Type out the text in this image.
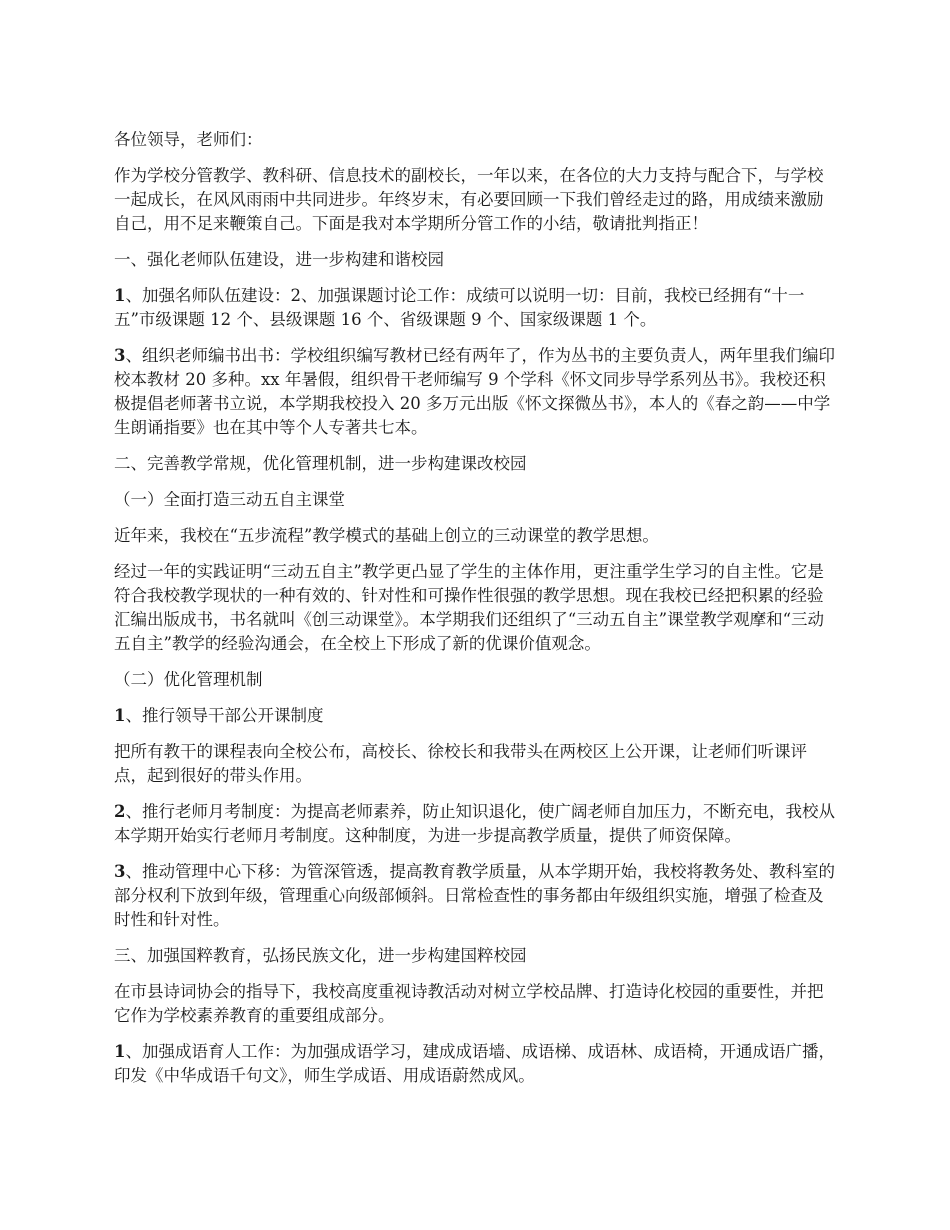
各位领导，老师们：

作为学校分管教学、教科研、信息技术的副校长，一年以来，在各位的大力支持与配合下，与学校一起成长，在风风雨雨中共同进步。年终岁末，有必要回顾一下我们曾经走过的路，用成绩来激励自己，用不足来鞭策自己。下面是我对本学期所分管工作的小结，敬请批判指正！

一、强化老师队伍建设，进一步构建和谐校园

1、加强名师队伍建设：2、加强课题讨论工作：成绩可以说明一切：目前，我校已经拥有“十一五”市级课题 12 个、县级课题 16 个、省级课题 9 个、国家级课题 1 个。

3、组织老师编书出书：学校组织编写教材已经有两年了，作为丛书的主要负责人，两年里我们编印校本教材 20 多种。xx 年暑假，组织骨干老师编写 9 个学科《怀文同步导学系列丛书》。我校还积极提倡老师著书立说，本学期我校投入 20 多万元出版《怀文探微丛书》，本人的《春之韵——中学生朗诵指要》也在其中等个人专著共七本。

二、完善教学常规，优化管理机制，进一步构建课改校园

（一）全面打造三动五自主课堂

近年来，我校在“五步流程”教学模式的基础上创立的三动课堂的教学思想。

经过一年的实践证明“三动五自主”教学更凸显了学生的主体作用，更注重学生学习的自主性。它是符合我校教学现状的一种有效的、针对性和可操作性很强的教学思想。现在我校已经把积累的经验汇编出版成书，书名就叫《创三动课堂》。本学期我们还组织了“三动五自主”课堂教学观摩和“三动五自主”教学的经验沟通会，在全校上下形成了新的优课价值观念。

（二）优化管理机制

1、推行领导干部公开课制度

把所有教干的课程表向全校公布，高校长、徐校长和我带头在两校区上公开课，让老师们听课评点，起到很好的带头作用。

2、推行老师月考制度：为提高老师素养，防止知识退化，使广阔老师自加压力，不断充电，我校从本学期开始实行老师月考制度。这种制度，为进一步提高教学质量，提供了师资保障。

3、推动管理中心下移：为管深管透，提高教育教学质量，从本学期开始，我校将教务处、教科室的部分权利下放到年级，管理重心向级部倾斜。日常检查性的事务都由年级组织实施，增强了检查及时性和针对性。

三、加强国粹教育，弘扬民族文化，进一步构建国粹校园

在市县诗词协会的指导下，我校高度重视诗教活动对树立学校品牌、打造诗化校园的重要性，并把它作为学校素养教育的重要组成部分。

1、加强成语育人工作：为加强成语学习，建成成语墙、成语梯、成语林、成语椅，开通成语广播，印发《中华成语千句文》，师生学成语、用成语蔚然成风。
